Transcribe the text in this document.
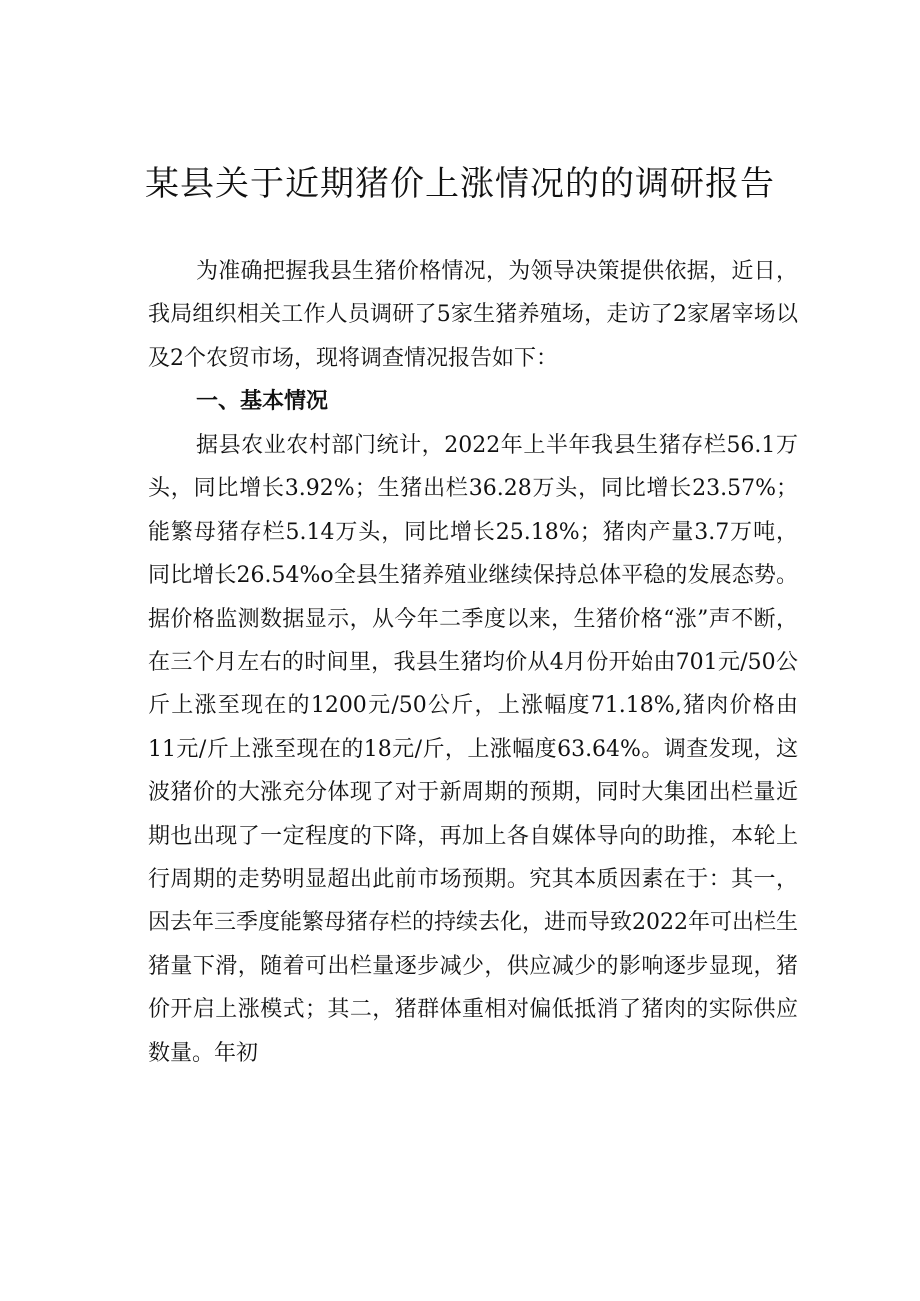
某县关于近期猪价上涨情况的的调研报告
为准确把握我县生猪价格情况，为领导决策提供依据，近日，我局组织相关工作人员调研了5家生猪养殖场，走访了2家屠宰场以及2个农贸市场，现将调查情况报告如下：
一、基本情况
据县农业农村部门统计，2022年上半年我县生猪存栏56.1万头，同比增长3.92%；生猪出栏36.28万头，同比增长23.57%；能繁母猪存栏5.14万头，同比增长25.18%；猪肉产量3.7万吨，同比增长26.54%o全县生猪养殖业继续保持总体平稳的发展态势。据价格监测数据显示，从今年二季度以来，生猪价格“涨”声不断，在三个月左右的时间里，我县生猪均价从4月份开始由701元/50公斤上涨至现在的1200元/50公斤，上涨幅度71.18%,猪肉价格由11元/斤上涨至现在的18元/斤，上涨幅度63.64%。调查发现，这波猪价的大涨充分体现了对于新周期的预期，同时大集团出栏量近期也出现了一定程度的下降，再加上各自媒体导向的助推，本轮上行周期的走势明显超出此前市场预期。究其本质因素在于：其一，因去年三季度能繁母猪存栏的持续去化，进而导致2022年可出栏生猪量下滑，随着可出栏量逐步减少，供应减少的影响逐步显现，猪价开启上涨模式；其二，猪群体重相对偏低抵消了猪肉的实际供应数量。年初
